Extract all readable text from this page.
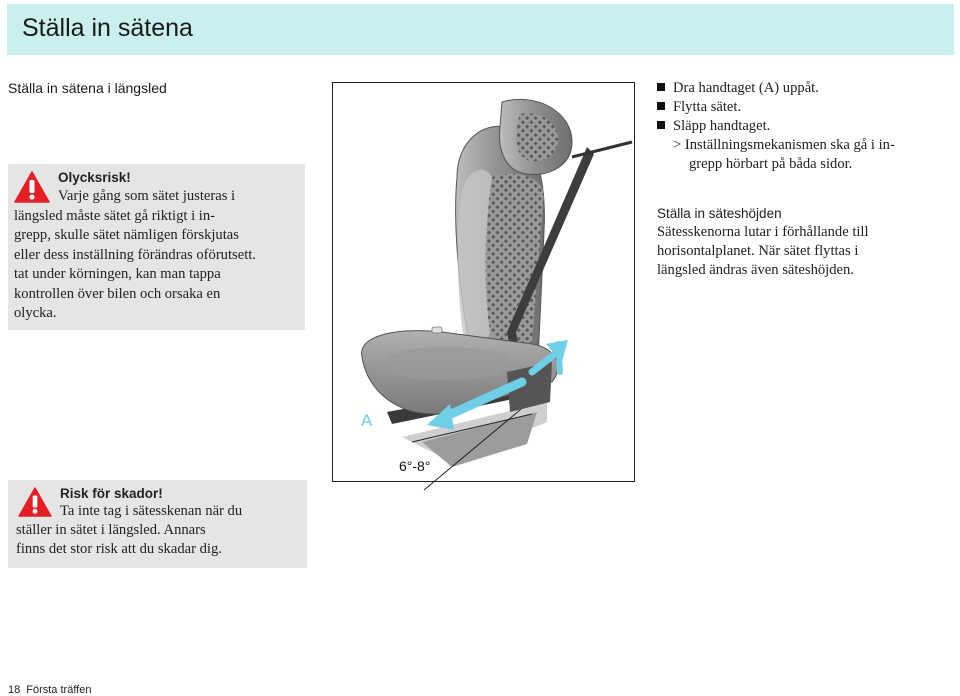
Ställa in sätena
Ställa in sätena i längsled
Olycksrisk!
Varje gång som sätet justeras i
längsled måste sätet gå riktigt i in-
grepp, skulle sätet nämligen förskjutas
eller dess inställning förändras oförutsett.
tat under körningen, kan man tappa
kontrollen över bilen och orsaka en
olycka.
Risk för skador!
Ta inte tag i sätesskenan när du
ställer in sätet i längsled. Annars
finns det stor risk att du skadar dig.
A
6°-8°
Dra handtaget (A) uppåt.
Flytta sätet.
Släpp handtaget.
> Inställningsmekanismen ska gå i in-
grepp hörbart på båda sidor.
Ställa in säteshöjden
Sätesskenorna lutar i förhållande till
horisontalplanet. När sätet flyttas i
längsled ändras även säteshöjden.
18 Första träffen
